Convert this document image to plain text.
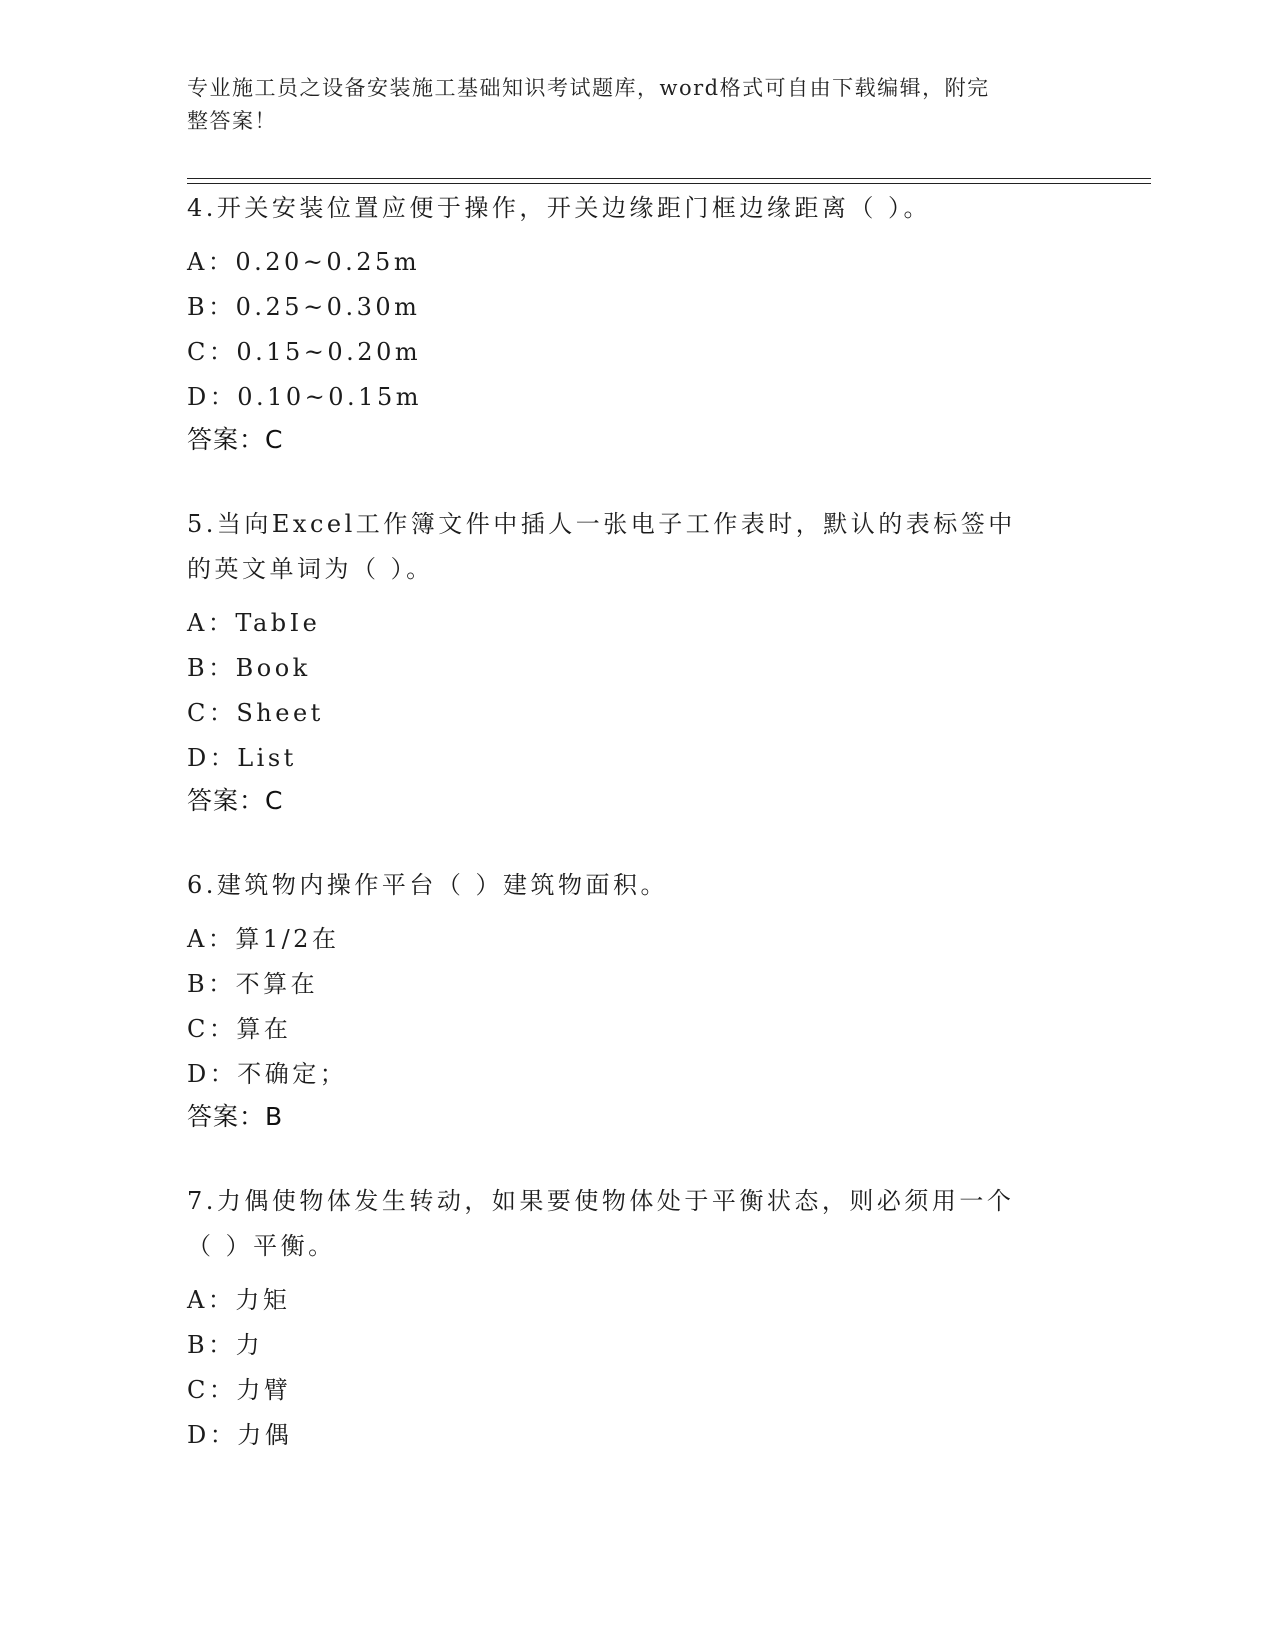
专业施工员之设备安装施工基础知识考试题库，word格式可自由下载编辑，附完
整答案！
4.开关安装位置应便于操作，开关边缘距门框边缘距离（ ）。
A：0.20~0.25m
B：0.25~0.30m
C：0.15~0.20m
D：0.10~0.15m
答案：C
5.当向Excel工作簿文件中插人一张电子工作表时，默认的表标签中
的英文单词为（ ）。
A：TabIe
B：Book
C：Sheet
D：List
答案：C
6.建筑物内操作平台（ ）建筑物面积。
A：算1/2在
B：不算在
C：算在
D：不确定；
答案：B
7.力偶使物体发生转动，如果要使物体处于平衡状态，则必须用一个
（ ）平衡。
A：力矩
B：力
C：力臂
D：力偶
